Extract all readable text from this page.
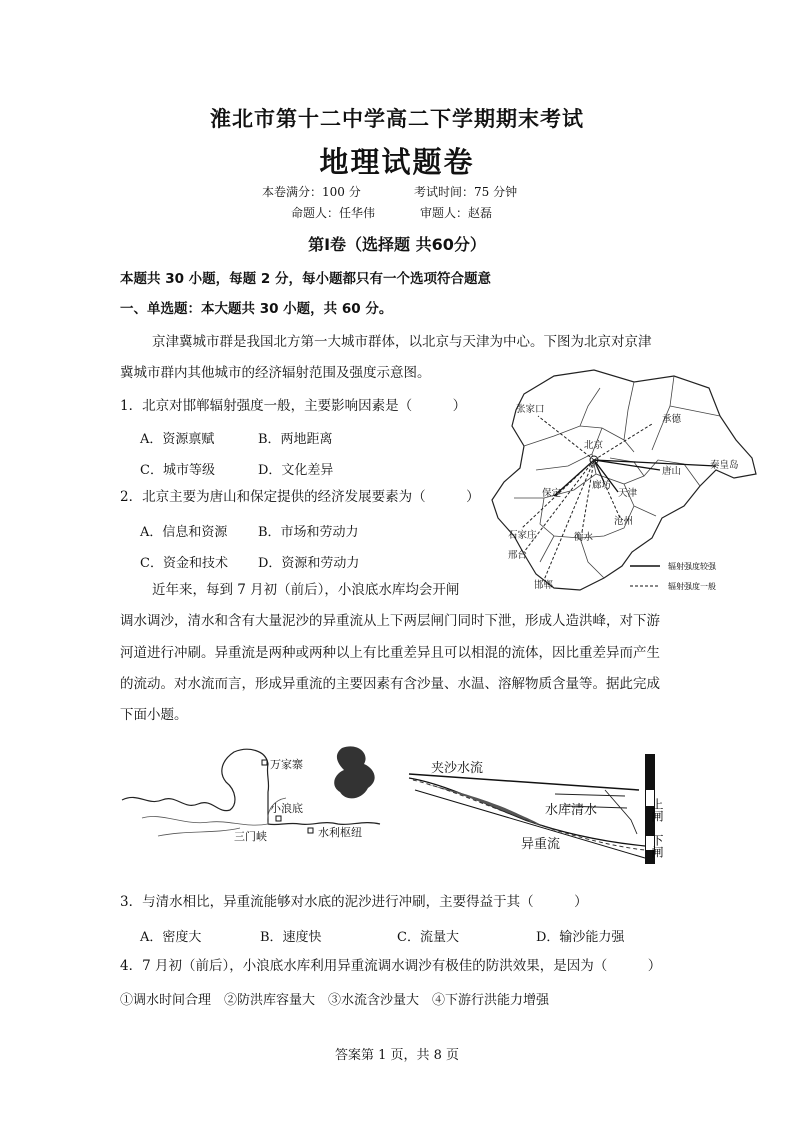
淮北市第十二中学高二下学期期末考试
地理试题卷
本卷满分：100 分	考试时间：75 分钟
命题人：任华伟	审题人：赵磊
第Ⅰ卷（选择题 共60分）
本题共 30 小题，每题 2 分，每小题都只有一个选项符合题意
一、单选题：本大题共 30 小题，共 60 分。
京津冀城市群是我国北方第一大城市群体，以北京与天津为中心。下图为北京对京津
冀城市群内其他城市的经济辐射范围及强度示意图。
1．北京对邯郸辐射强度一般，主要影响因素是（　　　）
A．资源禀赋	B．两地距离
C．城市等级	D．文化差异
2．北京主要为唐山和保定提供的经济发展要素为（　　　）
A．信息和资源 B．市场和劳动力
C．资金和技术 D．资源和劳动力
近年来，每到 7 月初（前后），小浪底水库均会开闸
调水调沙，清水和含有大量泥沙的异重流从上下两层闸门同时下泄，形成人造洪峰，对下游
河道进行冲刷。异重流是两种或两种以上有比重差异且可以相混的流体，因比重差异而产生
的流动。对水流而言，形成异重流的主要因素有含沙量、水温、溶解物质含量等。据此完成
下面小题。
张家口
承德
北京
唐山
秦皇岛
廊坊
天津
保定
沧州
石家庄	衡水
邢台
邯郸
辐射强度较强
辐射强度一般
万家寨
小浪底
三门峡	水利枢纽
夹沙水流
水库清水
异重流
上闸
下闸
3．与清水相比，异重流能够对水底的泥沙进行冲刷，主要得益于其（　　　）
A．密度大	B．速度快	C．流量大	D．输沙能力强
4．7 月初（前后），小浪底水库利用异重流调水调沙有极佳的防洪效果，是因为（　　　）
①调水时间合理　②防洪库容量大　③水流含沙量大　④下游行洪能力增强
答案第 1 页，共 8 页
